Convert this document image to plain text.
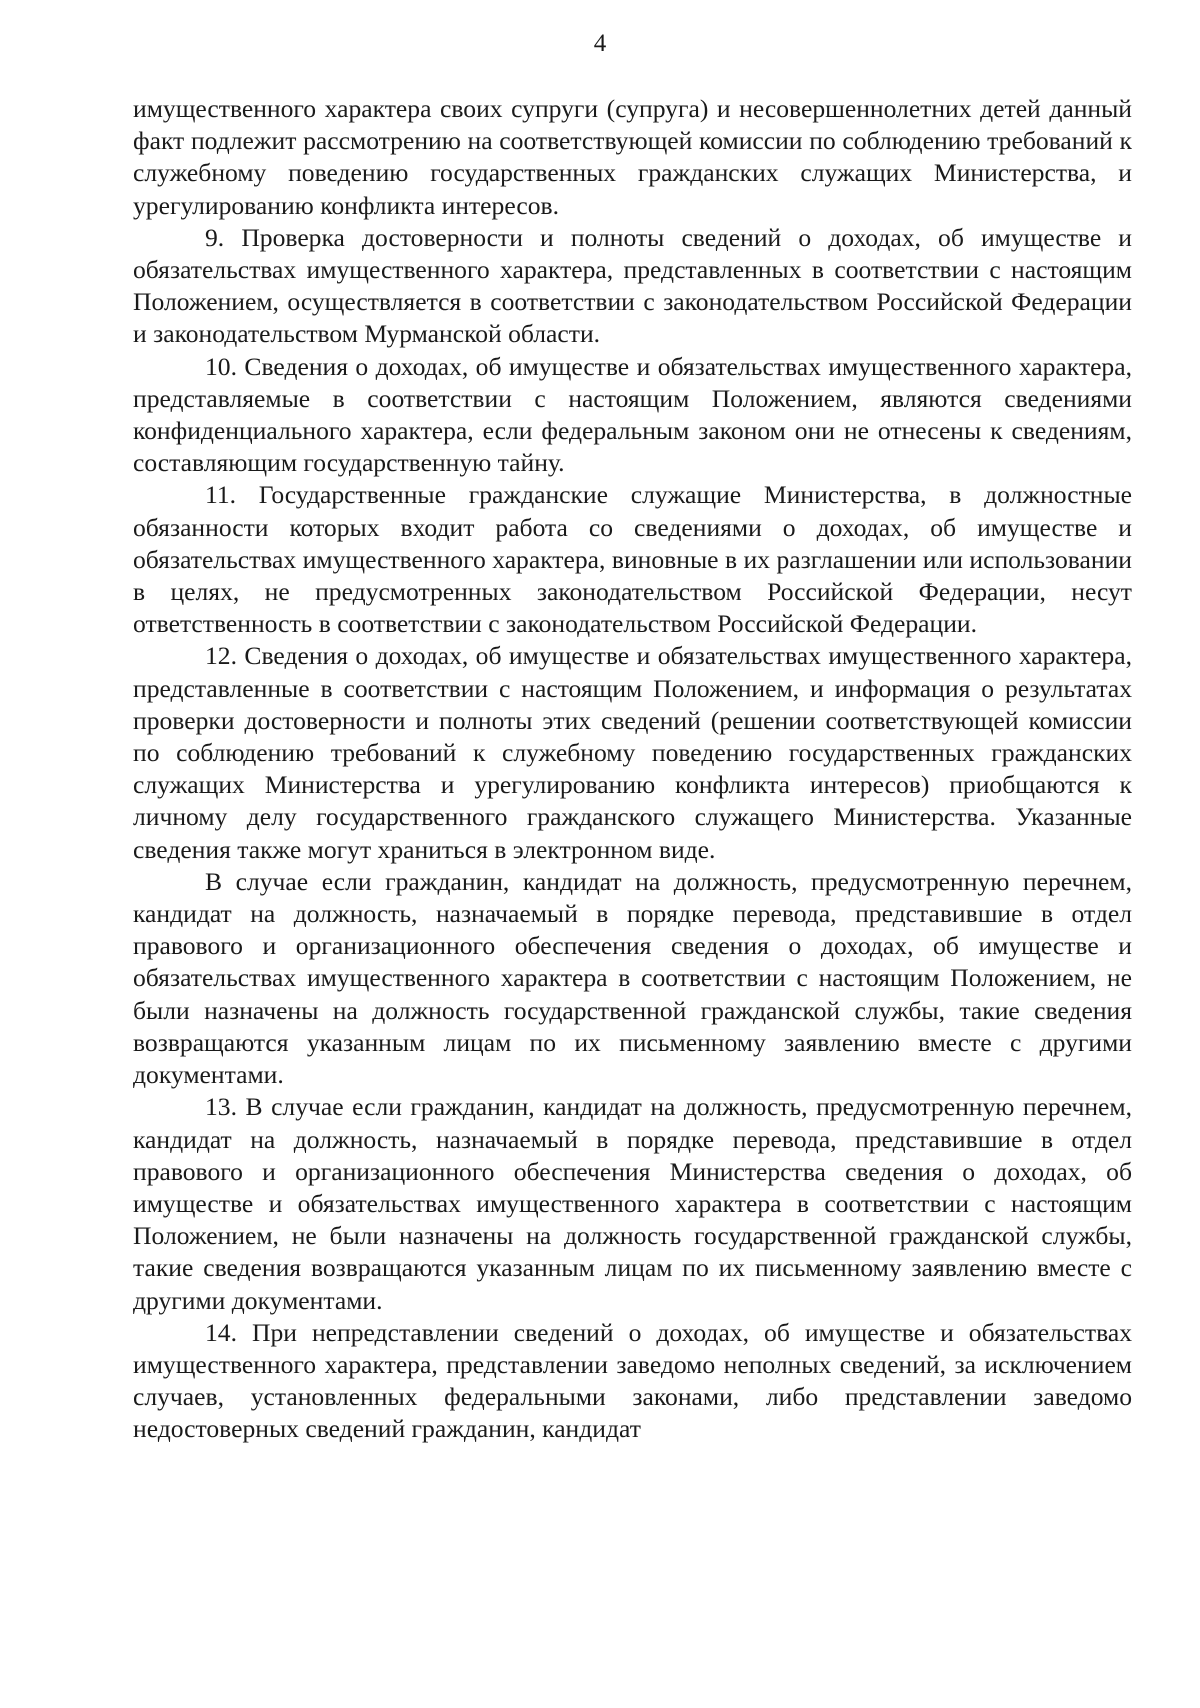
4

имущественного характера своих супруги (супруга) и несовершеннолетних детей данный факт подлежит рассмотрению на соответствующей комиссии по соблюдению требований к служебному поведению государственных гражданских служащих Министерства, и урегулированию конфликта интересов.

9. Проверка достоверности и полноты сведений о доходах, об имуществе и обязательствах имущественного характера, представленных в соответствии с настоящим Положением, осуществляется в соответствии с законодательством Российской Федерации и законодательством Мурманской области.

10. Сведения о доходах, об имуществе и обязательствах имущественного характера, представляемые в соответствии с настоящим Положением, являются сведениями конфиденциального характера, если федеральным законом они не отнесены к сведениям, составляющим государственную тайну.

11. Государственные гражданские служащие Министерства, в должностные обязанности которых входит работа со сведениями о доходах, об имуществе и обязательствах имущественного характера, виновные в их разглашении или использовании в целях, не предусмотренных законодательством Российской Федерации, несут ответственность в соответствии с законодательством Российской Федерации.

12. Сведения о доходах, об имуществе и обязательствах имущественного характера, представленные в соответствии с настоящим Положением, и информация о результатах проверки достоверности и полноты этих сведений (решении соответствующей комиссии по соблюдению требований к служебному поведению государственных гражданских служащих Министерства и урегулированию конфликта интересов) приобщаются к личному делу государственного гражданского служащего Министерства. Указанные сведения также могут храниться в электронном виде.

В случае если гражданин, кандидат на должность, предусмотренную перечнем, кандидат на должность, назначаемый в порядке перевода, представившие в отдел правового и организационного обеспечения сведения о доходах, об имуществе и обязательствах имущественного характера в соответствии с настоящим Положением, не были назначены на должность государственной гражданской службы, такие сведения возвращаются указанным лицам по их письменному заявлению вместе с другими документами.

13. В случае если гражданин, кандидат на должность, предусмотренную перечнем, кандидат на должность, назначаемый в порядке перевода, представившие в отдел правового и организационного обеспечения Министерства сведения о доходах, об имуществе и обязательствах имущественного характера в соответствии с настоящим Положением, не были назначены на должность государственной гражданской службы, такие сведения возвращаются указанным лицам по их письменному заявлению вместе с другими документами.

14. При непредставлении сведений о доходах, об имуществе и обязательствах имущественного характера, представлении заведомо неполных сведений, за исключением случаев, установленных федеральными законами, либо представлении заведомо недостоверных сведений гражданин, кандидат
